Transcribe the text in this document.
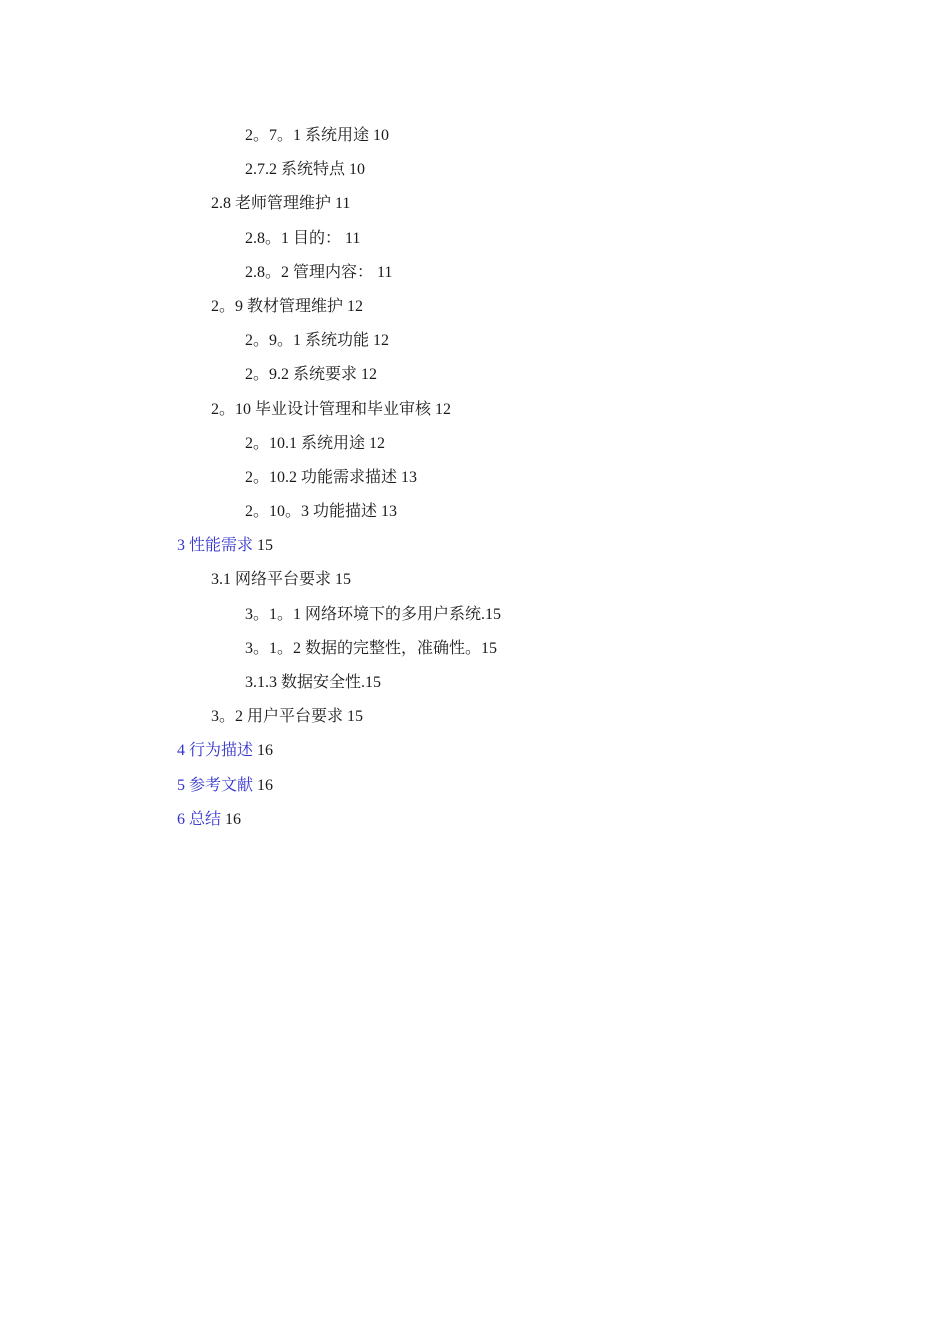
2。7。1 系统用途 10
2.7.2 系统特点 10
2.8 老师管理维护 11
2.8。1 目的： 11
2.8。2 管理内容： 11
2。9 教材管理维护 12
2。9。1 系统功能 12
2。9.2 系统要求 12
2。10 毕业设计管理和毕业审核 12
2。10.1 系统用途 12
2。10.2 功能需求描述 13
2。10。3 功能描述 13
3 性能需求 15
3.1 网络平台要求 15
3。1。1 网络环境下的多用户系统.15
3。1。2 数据的完整性，准确性。15
3.1.3 数据安全性.15
3。2 用户平台要求 15
4 行为描述 16
5 参考文献 16
6 总结 16
